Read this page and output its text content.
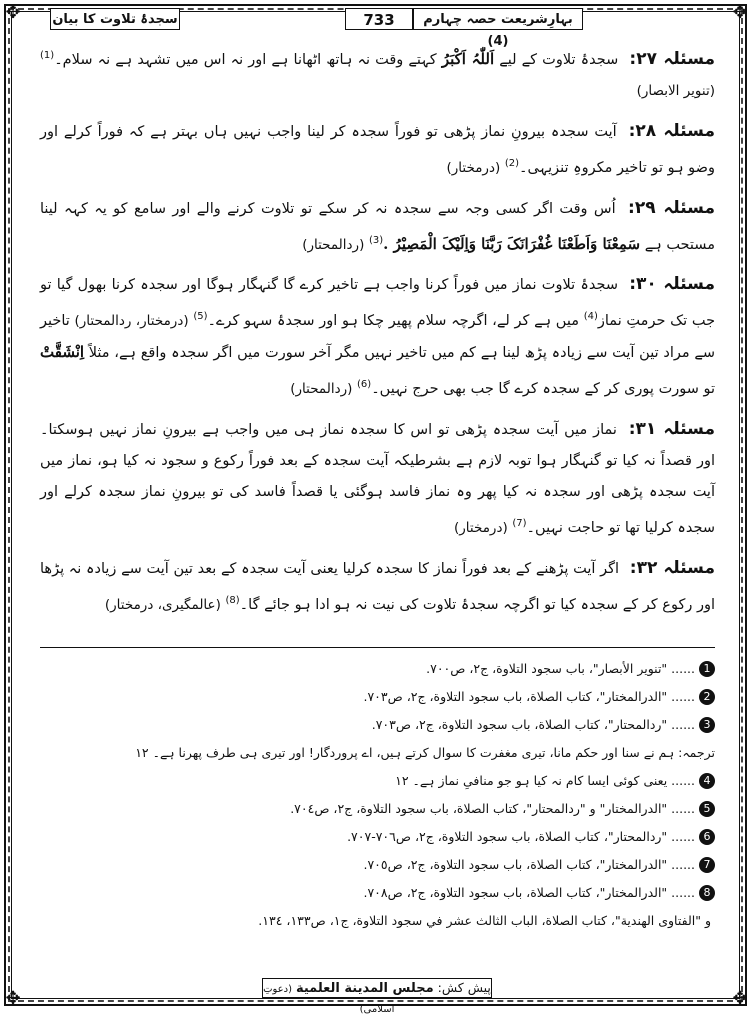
✥	✥
✥	✥
بہارِشریعت حصہ چہارم (4)
733
سجدۂ تلاوت کا بیان

مسئلہ ۲۷: سجدۂ تلاوت کے لیے اَللّٰہُ اَکْبَرُ کہتے وقت نہ ہاتھ اٹھانا ہے اور نہ اس میں تشہد ہے نہ سلام۔$^{(1)}$ (تنویر الابصار)

مسئلہ ۲۸: آیت سجدہ بیرونِ نماز پڑھی تو فوراً سجدہ کر لینا واجب نہیں ہاں بہتر ہے کہ فوراً کرلے اور وضو ہو تو تاخیر مکروہِ تنزیہی۔$^{(2)}$ (درمختار)

مسئلہ ۲۹: اُس وقت اگر کسی وجہ سے سجدہ نہ کر سکے تو تلاوت کرنے والے اور سامع کو یہ کہہ لینا مستحب ہے سَمِعْنَا وَاَطَعْنَا غُفْرَانَکَ رَبَّنَا وَاِلَیْکَ الْمَصِیْرُ .$^{(3)}$ (ردالمحتار)

مسئلہ ۳۰: سجدۂ تلاوت نماز میں فوراً کرنا واجب ہے تاخیر کرے گا گنہگار ہوگا اور سجدہ کرنا بھول گیا تو جب تک حرمتِ نماز$^{(4)}$ میں ہے کر لے، اگرچہ سلام پھیر چکا ہو اور سجدۂ سہو کرے۔$^{(5)}$ (درمختار، ردالمحتار) تاخیر سے مراد تین آیت سے زیادہ پڑھ لینا ہے کم میں تاخیر نہیں مگر آخر سورت میں اگر سجدہ واقع ہے، مثلاً اِنْشَقَّتْ تو سورت پوری کر کے سجدہ کرے گا جب بھی حرج نہیں۔$^{(6)}$ (ردالمحتار)

مسئلہ ۳۱: نماز میں آیت سجدہ پڑھی تو اس کا سجدہ نماز ہی میں واجب ہے بیرونِ نماز نہیں ہوسکتا۔ اور قصداً نہ کیا تو گنہگار ہوا توبہ لازم ہے بشرطیکہ آیت سجدہ کے بعد فوراً رکوع و سجود نہ کیا ہو، نماز میں آیت سجدہ پڑھی اور سجدہ نہ کیا پھر وہ نماز فاسد ہوگئی یا قصداً فاسد کی تو بیرونِ نماز سجدہ کرلے اور سجدہ کرلیا تھا تو حاجت نہیں۔$^{(7)}$ (درمختار)

مسئلہ ۳۲: اگر آیت پڑھنے کے بعد فوراً نماز کا سجدہ کرلیا یعنی آیت سجدہ کے بعد تین آیت سے زیادہ نہ پڑھا اور رکوع کر کے سجدہ کیا تو اگرچہ سجدۂ تلاوت کی نیت نہ ہو ادا ہو جائے گا۔$^{(8)}$ (عالمگیری، درمختار)

1
...... "تنوير الأبصار"، باب سجود التلاوة، ج٢، ص٧٠٠.
2
...... "الدرالمختار"، كتاب الصلاة، باب سجود التلاوة، ج٢، ص٧٠٣.
3
...... "ردالمحتار"، كتاب الصلاة، باب سجود التلاوة، ج٢، ص٧٠٣.
ترجمہ: ہم نے سنا اور حکم مانا، تیری مغفرت کا سوال کرتے ہیں، اے پروردگار! اور تیری ہی طرف پھرنا ہے۔ ۱۲
4
...... یعنی کوئی ایسا کام نہ کیا ہو جو منافیِ نماز ہے۔ ۱۲
5
...... "الدرالمختار" و "ردالمحتار"، كتاب الصلاة، باب سجود التلاوة، ج٢، ص٧٠٤.
6
...... "ردالمحتار"، كتاب الصلاة، باب سجود التلاوة، ج٢، ص٧٠٦-٧٠٧.
7
...... "الدرالمختار"، كتاب الصلاة، باب سجود التلاوة، ج٢، ص٧٠٥.
8
...... "الدرالمختار"، كتاب الصلاة، باب سجود التلاوة، ج٢، ص٧٠٨.
و "الفتاوى الهندية"، كتاب الصلاة، الباب الثالث عشر في سجود التلاوة، ج١، ص١٣٣، ١٣٤.
پیش کش: مجلس المدينة العلمية (دعوتِ اسلامی)
